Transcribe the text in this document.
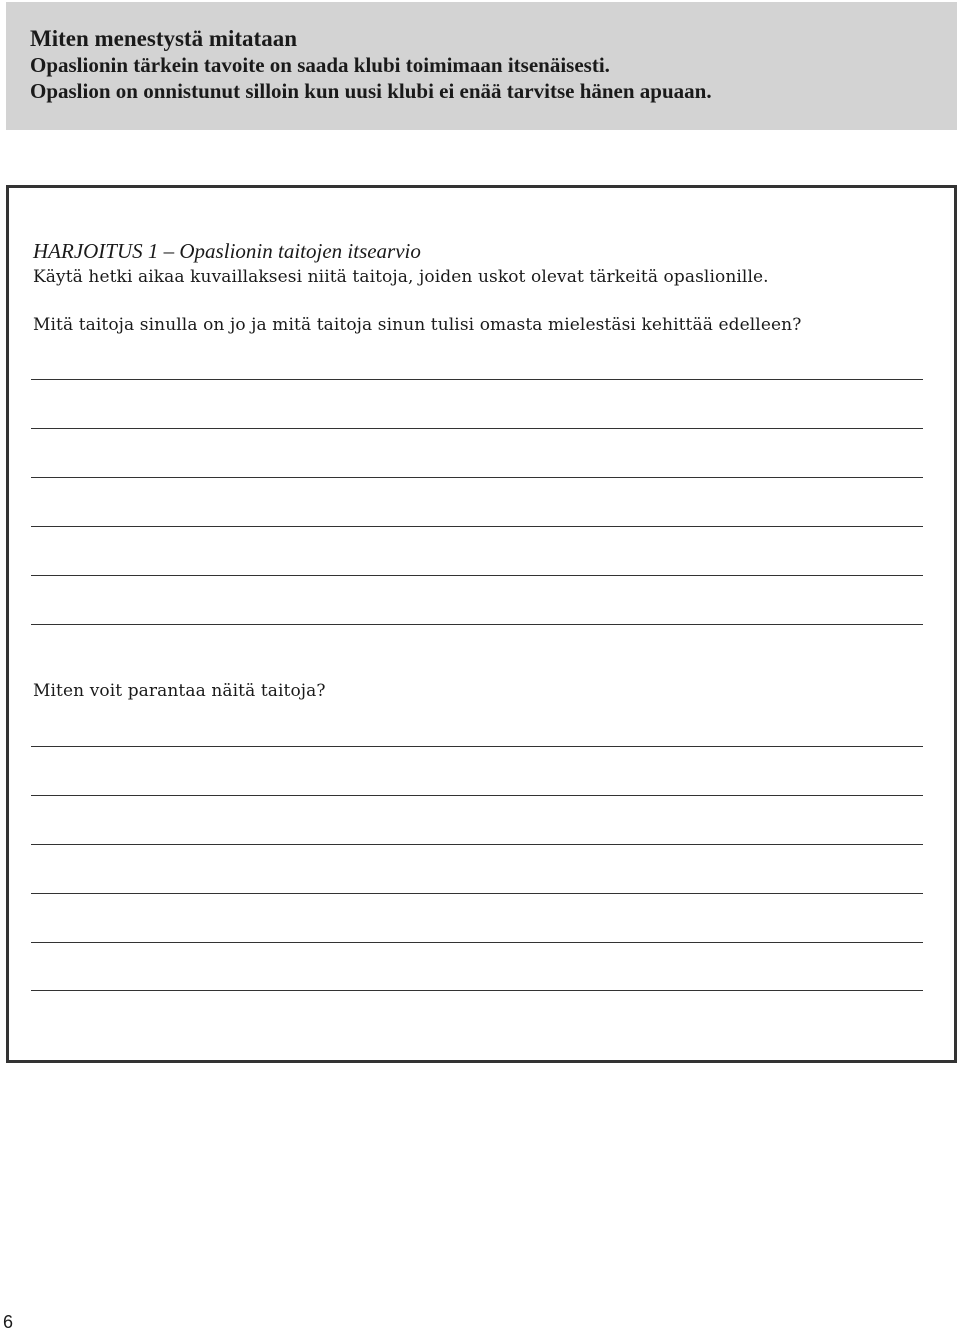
Miten menestystä mitataan

Opaslionin tärkein tavoite on saada klubi toimimaan itsenäisesti.

Opaslion on onnistunut silloin kun uusi klubi ei enää tarvitse hänen apuaan.

HARJOITUS 1 – Opaslionin taitojen itsearvio

Käytä hetki aikaa kuvaillaksesi niitä taitoja, joiden uskot olevat tärkeitä opaslionille.

Mitä taitoja sinulla on jo ja mitä taitoja sinun tulisi omasta mielestäsi kehittää edelleen?

Miten voit parantaa näitä taitoja?

6
